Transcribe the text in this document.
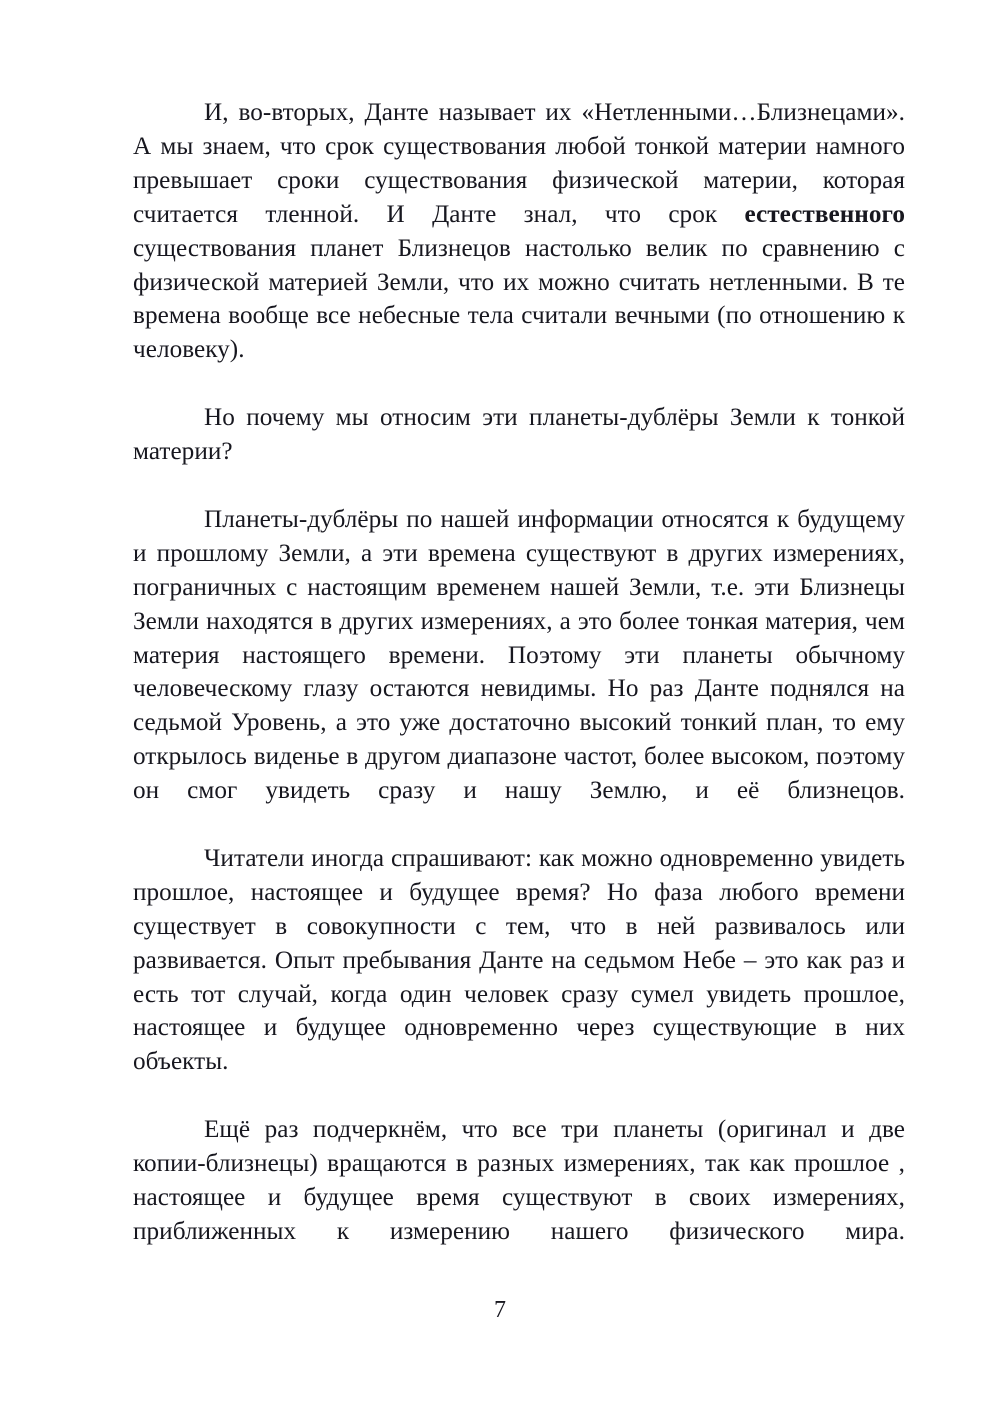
И, во-вторых, Данте называет их «Нетленными…Близнецами». А мы знаем, что срок существования любой тонкой материи намного превышает сроки существования физической материи, которая считается тленной. И Данте знал, что срок естественного существования планет Близнецов настолько велик по сравнению с физической материей Земли, что их можно считать нетленными. В те времена вообще все небесные тела считали вечными (по отношению к человеку).

Но почему мы относим эти планеты-дублёры Земли к тонкой материи?

Планеты-дублёры по нашей информации относятся к будущему и прошлому Земли, а эти времена существуют в других измерениях, пограничных с настоящим временем нашей Земли, т.е. эти Близнецы Земли находятся в других измерениях, а это более тонкая материя, чем материя настоящего времени. Поэтому эти планеты обычному человеческому глазу остаются невидимы. Но раз Данте поднялся на седьмой Уровень, а это уже достаточно высокий тонкий план, то ему открылось виденье в другом диапазоне частот, более высоком, поэтому он смог увидеть сразу и нашу Землю, и её близнецов.

Читатели иногда спрашивают: как можно одновременно увидеть прошлое, настоящее и будущее время? Но фаза любого времени существует в совокупности с тем, что в ней развивалось или развивается. Опыт пребывания Данте на седьмом Небе – это как раз и есть тот случай, когда один человек сразу сумел увидеть прошлое, настоящее и будущее одновременно через существующие в них объекты.

Ещё раз подчеркнём, что все три планеты (оригинал и две копии-близнецы) вращаются в разных измерениях, так как прошлое , настоящее и будущее время существуют в своих измерениях, приближенных к измерению нашего физического мира.

7
